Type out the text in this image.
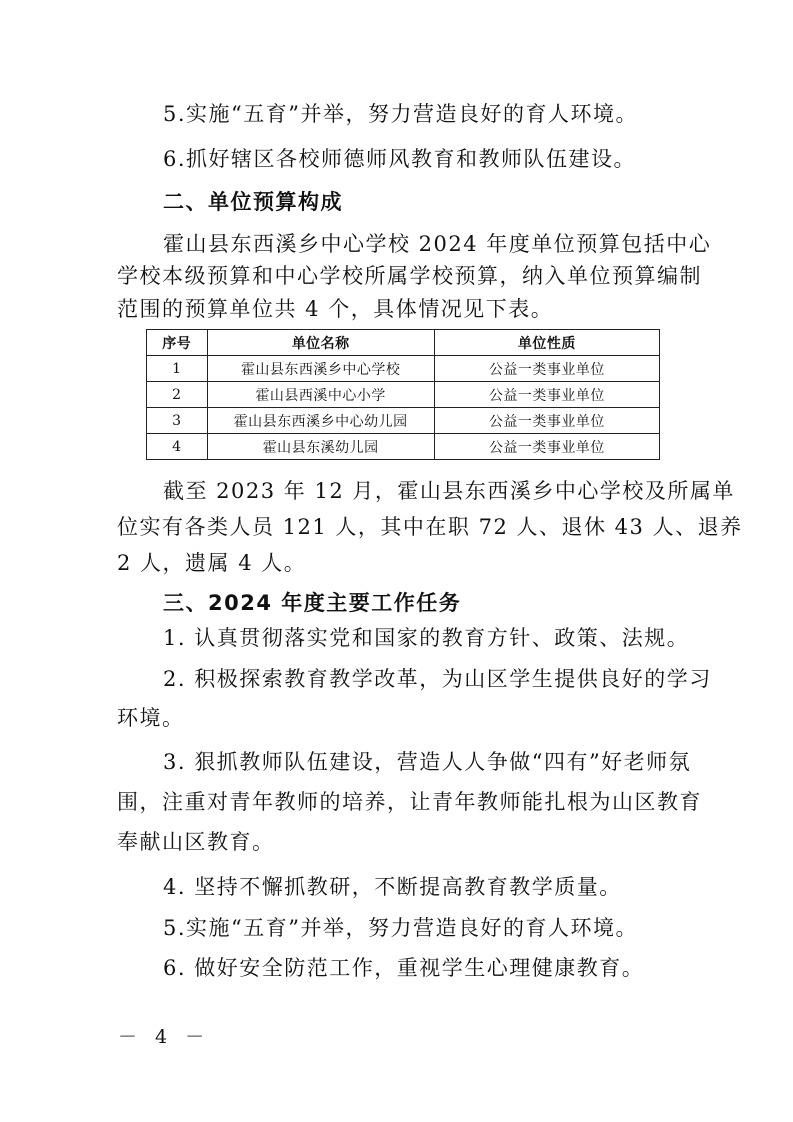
5.实施“五育”并举，努力营造良好的育人环境。
6.抓好辖区各校师德师风教育和教师队伍建设。
二、单位预算构成
霍山县东西溪乡中心学校 2024 年度单位预算包括中心
学校本级预算和中心学校所属学校预算，纳入单位预算编制
范围的预算单位共 4 个，具体情况见下表。
序号	单位名称	单位性质
1	霍山县东西溪乡中心学校	公益一类事业单位
2	霍山县西溪中心小学	公益一类事业单位
3	霍山县东西溪乡中心幼儿园	公益一类事业单位
4	霍山县东溪幼儿园	公益一类事业单位
截至 2023 年 12 月，霍山县东西溪乡中心学校及所属单
位实有各类人员 121 人，其中在职 72 人、退休 43 人、退养
2 人，遗属 4 人。
三、2024 年度主要工作任务
1. 认真贯彻落实党和国家的教育方针、政策、法规。
2. 积极探索教育教学改革，为山区学生提供良好的学习
环境。
3. 狠抓教师队伍建设，营造人人争做“四有”好老师氛
围，注重对青年教师的培养，让青年教师能扎根为山区教育
奉献山区教育。
4. 坚持不懈抓教研，不断提高教育教学质量。
5.实施“五育”并举，努力营造良好的育人环境。
6. 做好安全防范工作，重视学生心理健康教育。
－ 4 －
